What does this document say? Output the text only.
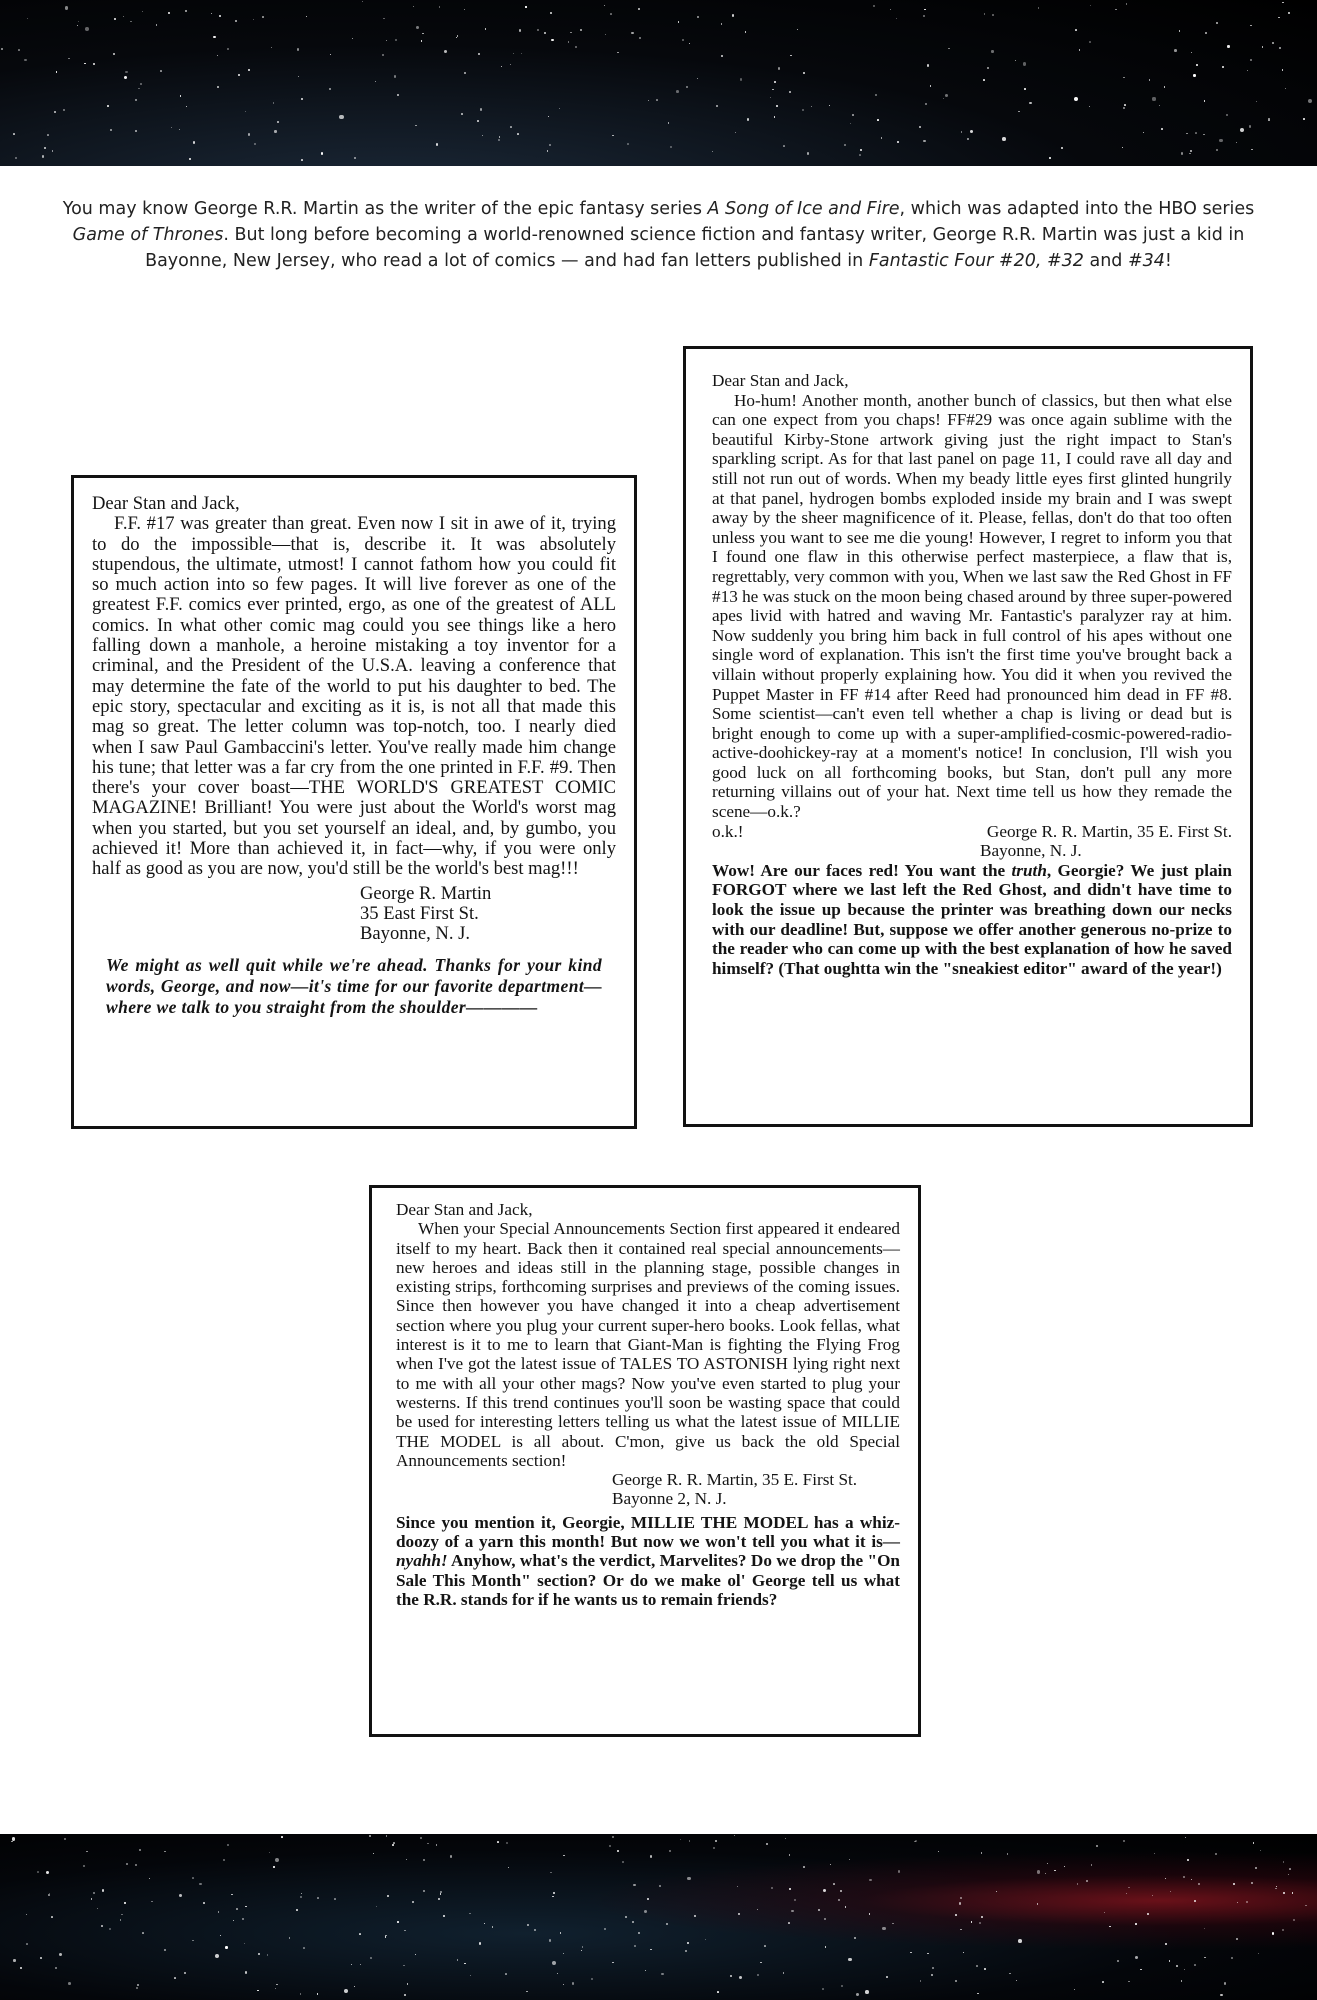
You may know George R.R. Martin as the writer of the epic fantasy series A Song of Ice and Fire, which was adapted into the HBO series Game of Thrones. But long before becoming a world-renowned science fiction and fantasy writer, George R.R. Martin was just a kid in Bayonne, New Jersey, who read a lot of comics — and had fan letters published in Fantastic Four #20, #32 and #34!

Dear Stan and Jack,

F.F. #17 was greater than great. Even now I sit in awe of it, trying to do the impossible—that is, describe it. It was absolutely stupendous, the ultimate, utmost! I cannot fathom how you could fit so much action into so few pages. It will live forever as one of the greatest F.F. comics ever printed, ergo, as one of the greatest of ALL comics. In what other comic mag could you see things like a hero falling down a manhole, a heroine mistaking a toy inventor for a criminal, and the President of the U.S.A. leaving a conference that may determine the fate of the world to put his daughter to bed. The epic story, spectacular and exciting as it is, is not all that made this mag so great. The letter column was top-notch, too. I nearly died when I saw Paul Gambaccini's letter. You've really made him change his tune; that letter was a far cry from the one printed in F.F. #9. Then there's your cover boast—THE WORLD'S GREATEST COMIC MAGAZINE! Brilliant! You were just about the World's worst mag when you started, but you set yourself an ideal, and, by gumbo, you achieved it! More than achieved it, in fact—why, if you were only half as good as you are now, you'd still be the world's best mag!!!

George R. Martin
35 East First St.
Bayonne, N. J.

We might as well quit while we're ahead. Thanks for your kind words, George, and now—it's time for our favorite department—where we talk to you straight from the shoulder————

Dear Stan and Jack,

Ho-hum! Another month, another bunch of classics, but then what else can one expect from you chaps! FF#29 was once again sublime with the beautiful Kirby-Stone artwork giving just the right impact to Stan's sparkling script. As for that last panel on page 11, I could rave all day and still not run out of words. When my beady little eyes first glinted hungrily at that panel, hydrogen bombs exploded inside my brain and I was swept away by the sheer magnificence of it. Please, fellas, don't do that too often unless you want to see me die young! However, I regret to inform you that I found one flaw in this otherwise perfect masterpiece, a flaw that is, regrettably, very common with you, When we last saw the Red Ghost in FF #13 he was stuck on the moon being chased around by three super-powered apes livid with hatred and waving Mr. Fantastic's paralyzer ray at him. Now suddenly you bring him back in full control of his apes without one single word of explanation. This isn't the first time you've brought back a villain without properly explaining how. You did it when you revived the Puppet Master in FF #14 after Reed had pronounced him dead in FF #8. Some scientist—can't even tell whether a chap is living or dead but is bright enough to come up with a super-amplified-cosmic-powered-radio-active-doohickey-ray at a moment's notice! In conclusion, I'll wish you good luck on all forthcoming books, but Stan, don't pull any more returning villains out of your hat. Next time tell us how they remade the scene—o.k.?

o.k.!	George R. R. Martin, 35 E. First St.
Bayonne, N. J.

Wow! Are our faces red! You want the truth, Georgie? We just plain FORGOT where we last left the Red Ghost, and didn't have time to look the issue up because the printer was breathing down our necks with our deadline! But, suppose we offer another generous no-prize to the reader who can come up with the best explanation of how he saved himself? (That oughtta win the "sneakiest editor" award of the year!)

Dear Stan and Jack,

When your Special Announcements Section first appeared it endeared itself to my heart. Back then it contained real special announcements—new heroes and ideas still in the planning stage, possible changes in existing strips, forthcoming surprises and previews of the coming issues. Since then however you have changed it into a cheap advertisement section where you plug your current super-hero books. Look fellas, what interest is it to me to learn that Giant-Man is fighting the Flying Frog when I've got the latest issue of TALES TO ASTONISH lying right next to me with all your other mags? Now you've even started to plug your westerns. If this trend continues you'll soon be wasting space that could be used for interesting letters telling us what the latest issue of MILLIE THE MODEL is all about. C'mon, give us back the old Special Announcements section!

George R. R. Martin, 35 E. First St.
Bayonne 2, N. J.

Since you mention it, Georgie, MILLIE THE MODEL has a whiz-doozy of a yarn this month! But now we won't tell you what it is—nyahh! Anyhow, what's the verdict, Marvelites? Do we drop the "On Sale This Month" section? Or do we make ol' George tell us what the R.R. stands for if he wants us to remain friends?
